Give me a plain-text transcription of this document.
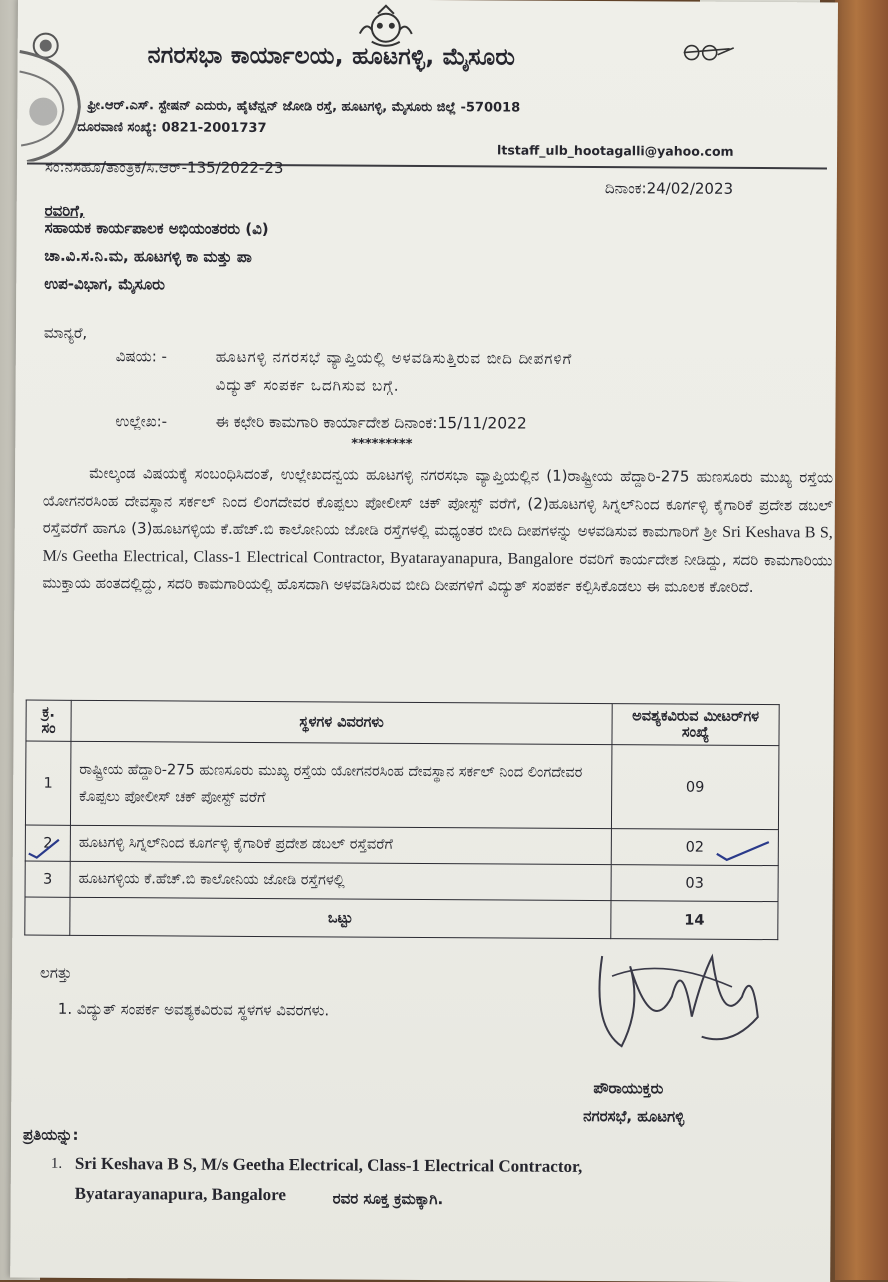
ನಗರಸಭಾ ಕಾರ್ಯಾಲಯ, ಹೂಟಗಳ್ಳಿ, ಮೈಸೂರು
ಫ್ರೀ.ಆರ್.ಎಸ್. ಸ್ಟೇಷನ್ ಎದುರು, ಹೈಟೆನ್ಷನ್ ಜೋಡಿ ರಸ್ತೆ, ಹೂಟಗಳ್ಳಿ, ಮೈಸೂರು ಜಿಲ್ಲೆ -570018
ದೂರವಾಣಿ ಸಂಖ್ಯೆ: 0821-2001737
ltstaff_ulb_hootagalli@yahoo.com
ಸಂ:ನಸಹೂ/ತಾಂತ್ರಿಕ/ಸಿ.ಆರ್-135/2022-23
ದಿನಾಂಕ:24/02/2023
ರವರಿಗೆ,
ಸಹಾಯಕ ಕಾರ್ಯಪಾಲಕ ಅಭಿಯಂತರರು (ವಿ)
ಚಾ.ವಿ.ಸ.ನಿ.ಮ, ಹೂಟಗಳ್ಳಿ ಕಾ ಮತ್ತು ಪಾ
ಉಪ-ವಿಭಾಗ, ಮೈಸೂರು
ಮಾನ್ಯರೆ,
ವಿಷಯ: -	ಹೂಟಗಳ್ಳಿ ನಗರಸಭೆ ವ್ಯಾಪ್ತಿಯಲ್ಲಿ ಅಳವಡಿಸುತ್ತಿರುವ ಬೀದಿ ದೀಪಗಳಿಗೆ
ವಿದ್ಯುತ್ ಸಂಪರ್ಕ ಒದಗಿಸುವ ಬಗ್ಗೆ.
ಉಲ್ಲೇಖ:-	ಈ ಕಛೇರಿ ಕಾಮಗಾರಿ ಕಾರ್ಯಾದೇಶ ದಿನಾಂಕ:15/11/2022
*********
ಮೇಲ್ಕಂಡ ವಿಷಯಕ್ಕೆ ಸಂಬಂಧಿಸಿದಂತೆ, ಉಲ್ಲೇಖದನ್ವಯ ಹೂಟಗಳ್ಳಿ ನಗರಸಭಾ ವ್ಯಾಪ್ತಿಯಲ್ಲಿನ (1)ರಾಷ್ಟ್ರೀಯ ಹೆದ್ದಾರಿ-275 ಹುಣಸೂರು ಮುಖ್ಯ ರಸ್ತೆಯ ಯೋಗನರಸಿಂಹ ದೇವಸ್ಥಾನ ಸರ್ಕಲ್ ನಿಂದ ಲಿಂಗದೇವರ ಕೊಪ್ಪಲು ಪೋಲೀಸ್ ಚಕ್ ಪೋಸ್ಟ್ ವರೆಗೆ, (2)ಹೂಟಗಳ್ಳಿ ಸಿಗ್ನಲ್‌ನಿಂದ ಕೂರ್ಗಳ್ಳಿ ಕೈಗಾರಿಕೆ ಪ್ರದೇಶ ಡಬಲ್ ರಸ್ತೆವರೆಗೆ ಹಾಗೂ (3)ಹೂಟಗಳ್ಳಿಯ ಕೆ.ಹೆಚ್.ಬಿ ಕಾಲೋನಿಯ ಜೋಡಿ ರಸ್ತೆಗಳಲ್ಲಿ ಮಧ್ಯಂತರ ಬೀದಿ ದೀಪಗಳನ್ನು ಅಳವಡಿಸುವ ಕಾಮಗಾರಿಗೆ ಶ್ರೀ Sri Keshava B S, M/s Geetha Electrical, Class-1 Electrical Contractor, Byatarayanapura, Bangalore ರವರಿಗೆ ಕಾರ್ಯದೇಶ ನೀಡಿದ್ದು, ಸದರಿ ಕಾಮಗಾರಿಯು ಮುಕ್ತಾಯ ಹಂತದಲ್ಲಿದ್ದು, ಸದರಿ ಕಾಮಗಾರಿಯಲ್ಲಿ ಹೊಸದಾಗಿ ಅಳವಡಿಸಿರುವ ಬೀದಿ ದೀಪಗಳಿಗೆ ವಿದ್ಯುತ್ ಸಂಪರ್ಕ ಕಲ್ಪಿಸಿಕೊಡಲು ಈ ಮೂಲಕ ಕೋರಿದೆ.
ಕ್ರ. ಸಂ	ಸ್ಥಳಗಳ ವಿವರಗಳು	ಅವಶ್ಯಕವಿರುವ ಮೀಟರ್‌ಗಳ ಸಂಖ್ಯೆ
1	ರಾಷ್ಟ್ರೀಯ ಹೆದ್ದಾರಿ-275 ಹುಣಸೂರು ಮುಖ್ಯ ರಸ್ತೆಯ ಯೋಗನರಸಿಂಹ ದೇವಸ್ಥಾನ ಸರ್ಕಲ್ ನಿಂದ ಲಿಂಗದೇವರ ಕೊಪ್ಪಲು ಪೋಲೀಸ್ ಚಕ್ ಪೋಸ್ಟ್ ವರೆಗೆ	09
2	ಹೂಟಗಳ್ಳಿ ಸಿಗ್ನಲ್‌ನಿಂದ ಕೂರ್ಗಳ್ಳಿ ಕೈಗಾರಿಕೆ ಪ್ರದೇಶ ಡಬಲ್ ರಸ್ತೆವರೆಗೆ	02
3	ಹೂಟಗಳ್ಳಿಯ ಕೆ.ಹೆಚ್.ಬಿ ಕಾಲೋನಿಯ ಜೋಡಿ ರಸ್ತೆಗಳಲ್ಲಿ	03
	ಒಟ್ಟು	14
ಲಗತ್ತು
1. ವಿದ್ಯುತ್ ಸಂಪರ್ಕ ಅವಶ್ಯಕವಿರುವ ಸ್ಥಳಗಳ ವಿವರಗಳು.
ಪೌರಾಯುಕ್ತರು
ನಗರಸಭೆ, ಹೂಟಗಳ್ಳಿ
ಪ್ರತಿಯನ್ನು:
1. Sri Keshava B S, M/s Geetha Electrical, Class-1 Electrical Contractor,
Byatarayanapura, Bangalore	ರವರ ಸೂಕ್ತ ಕ್ರಮಕ್ಕಾಗಿ.
